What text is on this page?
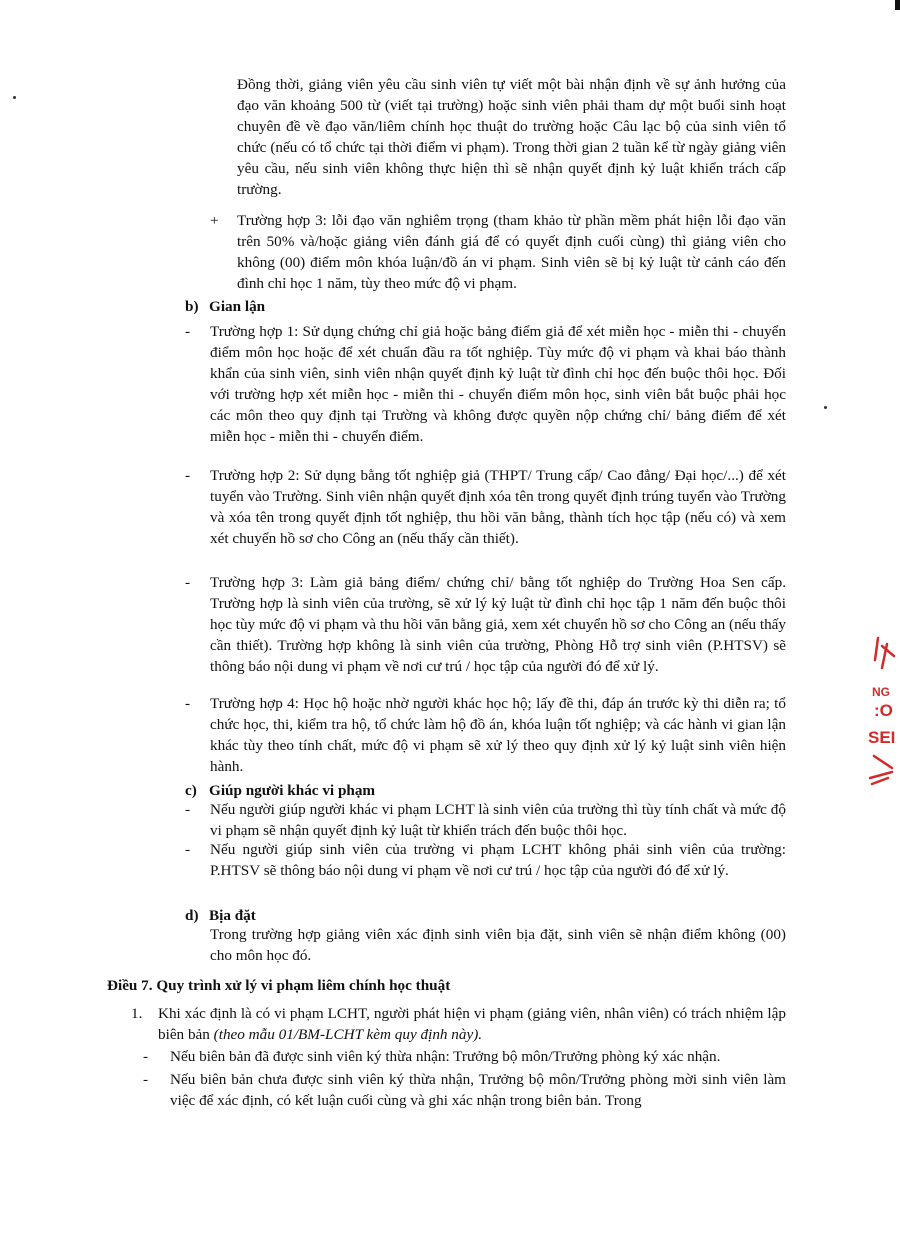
Đồng thời, giảng viên yêu cầu sinh viên tự viết một bài nhận định về sự ảnh hưởng của đạo văn khoảng 500 từ (viết tại trường) hoặc sinh viên phải tham dự một buổi sinh hoạt chuyên đề về đạo văn/liêm chính học thuật do trường hoặc Câu lạc bộ của sinh viên tổ chức (nếu có tổ chức tại thời điểm vi phạm). Trong thời gian 2 tuần kể từ ngày giảng viên yêu cầu, nếu sinh viên không thực hiện thì sẽ nhận quyết định kỷ luật khiển trách cấp trường.

+ Trường hợp 3: lỗi đạo văn nghiêm trọng (tham khảo từ phần mềm phát hiện lỗi đạo văn trên 50% và/hoặc giảng viên đánh giá để có quyết định cuối cùng) thì giảng viên cho không (00) điểm môn khóa luận/đồ án vi phạm. Sinh viên sẽ bị kỷ luật từ cảnh cáo đến đình chỉ học 1 năm, tùy theo mức độ vi phạm.
b) Gian lận
- Trường hợp 1: Sử dụng chứng chỉ giả hoặc bảng điểm giả để xét miễn học - miễn thi - chuyển điểm môn học hoặc để xét chuẩn đầu ra tốt nghiệp. Tùy mức độ vi phạm và khai báo thành khẩn của sinh viên, sinh viên nhận quyết định kỷ luật từ đình chỉ học đến buộc thôi học. Đối với trường hợp xét miễn học - miễn thi - chuyển điểm môn học, sinh viên bắt buộc phải học các môn theo quy định tại Trường và không được quyền nộp chứng chỉ/ bảng điểm để xét miễn học - miễn thi - chuyển điểm.
- Trường hợp 2: Sử dụng bằng tốt nghiệp giả (THPT/ Trung cấp/ Cao đẳng/ Đại học/...) để xét tuyển vào Trường. Sinh viên nhận quyết định xóa tên trong quyết định trúng tuyển vào Trường và xóa tên trong quyết định tốt nghiệp, thu hồi văn bằng, thành tích học tập (nếu có) và xem xét chuyển hồ sơ cho Công an (nếu thấy cần thiết).
- Trường hợp 3: Làm giả bảng điểm/ chứng chỉ/ bằng tốt nghiệp do Trường Hoa Sen cấp. Trường hợp là sinh viên của trường, sẽ xử lý kỷ luật từ đình chỉ học tập 1 năm đến buộc thôi học tùy mức độ vi phạm và thu hồi văn bằng giả, xem xét chuyển hồ sơ cho Công an (nếu thấy cần thiết). Trường hợp không là sinh viên của trường, Phòng Hỗ trợ sinh viên (P.HTSV) sẽ thông báo nội dung vi phạm về nơi cư trú / học tập của người đó để xử lý.
- Trường hợp 4: Học hộ hoặc nhờ người khác học hộ; lấy đề thi, đáp án trước kỳ thi diễn ra; tổ chức học, thi, kiểm tra hộ, tổ chức làm hộ đồ án, khóa luận tốt nghiệp; và các hành vi gian lận khác tùy theo tính chất, mức độ vi phạm sẽ xử lý theo quy định xử lý kỷ luật sinh viên hiện hành.
c) Giúp người khác vi phạm
- Nếu người giúp người khác vi phạm LCHT là sinh viên của trường thì tùy tính chất và mức độ vi phạm sẽ nhận quyết định kỷ luật từ khiển trách đến buộc thôi học.
- Nếu người giúp sinh viên của trường vi phạm LCHT không phải sinh viên của trường: P.HTSV sẽ thông báo nội dung vi phạm về nơi cư trú / học tập của người đó để xử lý.
d) Bịa đặt

Trong trường hợp giảng viên xác định sinh viên bịa đặt, sinh viên sẽ nhận điểm không (00) cho môn học đó.

Điều 7. Quy trình xử lý vi phạm liêm chính học thuật
1. Khi xác định là có vi phạm LCHT, người phát hiện vi phạm (giảng viên, nhân viên) có trách nhiệm lập biên bản (theo mẫu 01/BM-LCHT kèm quy định này).
- Nếu biên bản đã được sinh viên ký thừa nhận: Trưởng bộ môn/Trưởng phòng ký xác nhận.
- Nếu biên bản chưa được sinh viên ký thừa nhận, Trưởng bộ môn/Trưởng phòng mời sinh viên làm việc để xác định, có kết luận cuối cùng và ghi xác nhận trong biên bản. Trong
NG
:O
SEI
